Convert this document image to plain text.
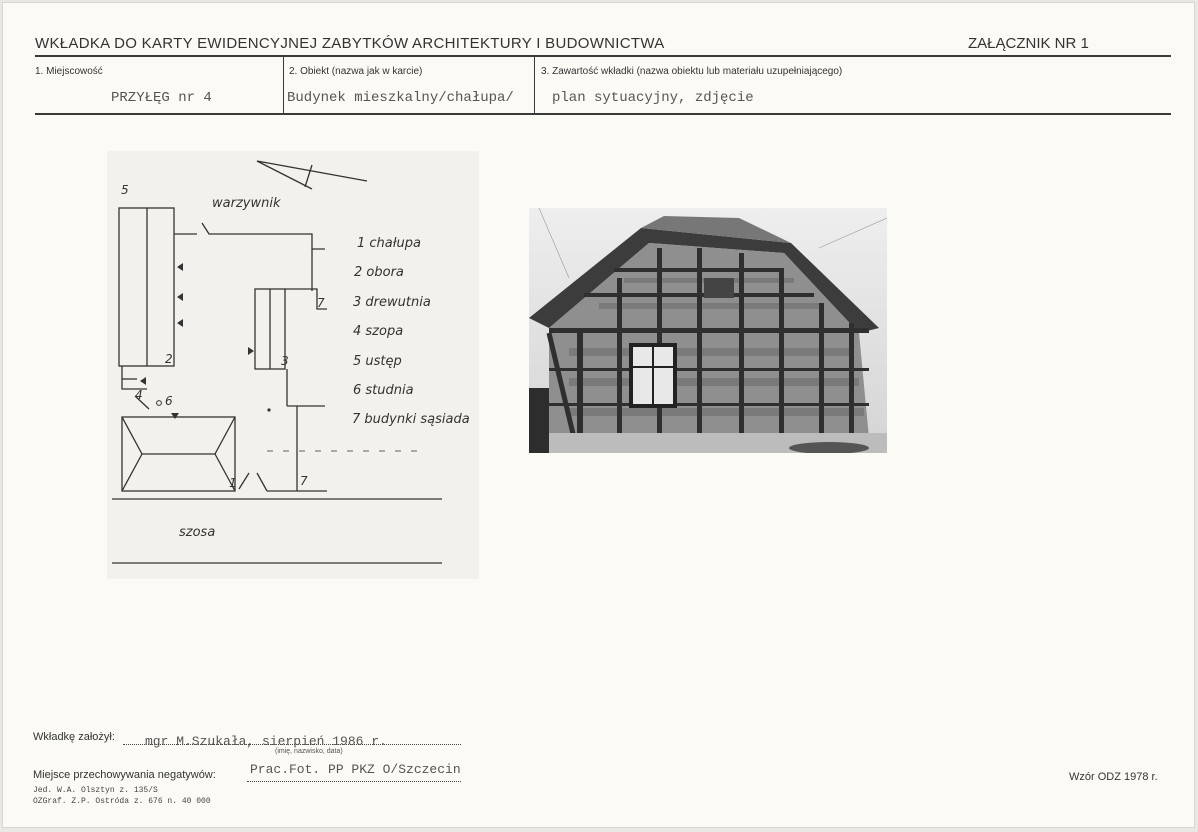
WKŁADKA DO KARTY EWIDENCYJNEJ ZABYTKÓW ARCHITEKTURY I BUDOWNICTWA	ZAŁĄCZNIK NR 1
1. Miejscowość
PRZYŁĘG nr 4
2. Obiekt (nazwa jak w karcie)
Budynek mieszkalny/chałupa/
3. Zawartość wkładki (nazwa obiektu lub materiału uzupełniającego)
plan sytuacyjny, zdjęcie
5
2	3
4 6
7
7
1
warzywnik
szosa
1 chałupa
2 obora
3 drewutnia
4 szopa
5 ustęp
6 studnia
7 budynki sąsiada
Wkładkę założył: mgr M.Szukała, sierpień 1986 r.
(imię, nazwisko, data)
Miejsce przechowywania negatywów:	Prac.Fot. PP PKZ O/Szczecin
Jed. W.A. Olsztyn z. 135/S
OZGraf. Z.P. Ostróda z. 676 n. 40 000
Wzór ODZ 1978 r.
